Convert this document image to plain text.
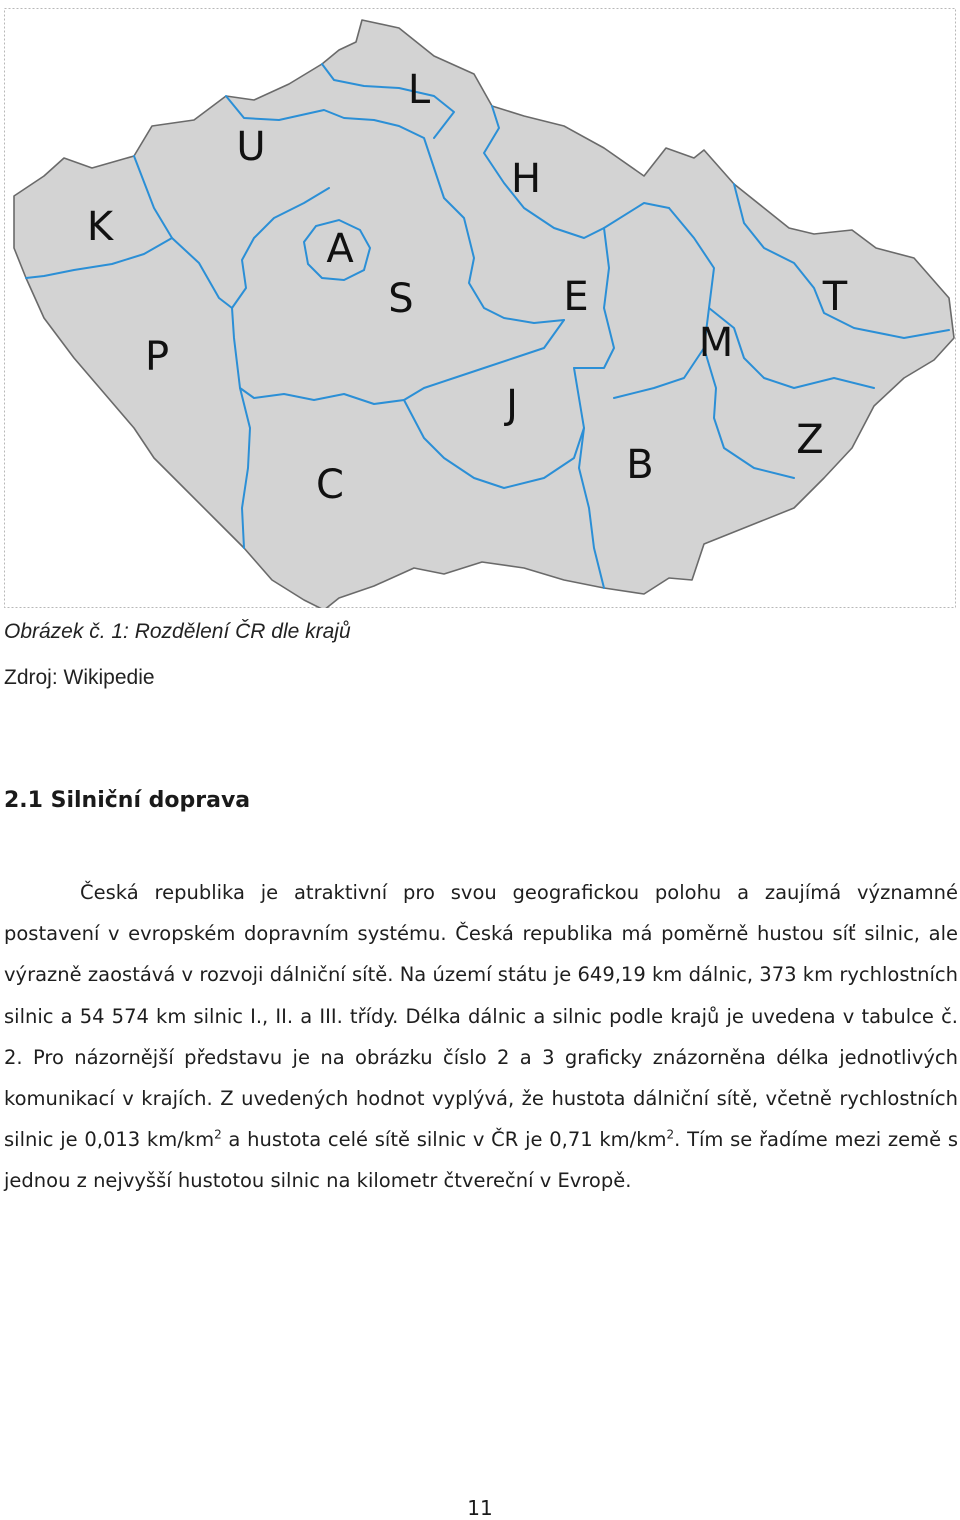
K
U
L
H
A
S	E	T
P	M
J
Z
B
C
Obrázek č. 1: Rozdělení ČR dle krajů
Zdroj: Wikipedie
2.1 Silniční doprava

Česká republika je atraktivní pro svou geografickou polohu a zaujímá významné postavení v evropském dopravním systému. Česká republika má poměrně hustou síť silnic, ale výrazně zaostává v rozvoji dálniční sítě. Na území státu je 649,19 km dálnic, 373 km rychlostních silnic a 54 574 km silnic I., II. a III. třídy. Délka dálnic a silnic podle krajů je uvedena v tabulce č. 2. Pro názornější představu je na obrázku číslo 2 a 3 graficky znázorněna délka jednotlivých komunikací v krajích. Z uvedených hodnot vyplývá, že hustota dálniční sítě, včetně rychlostních silnic je 0,013 $km/km^2$ a hustota celé sítě silnic v ČR je 0,71 $km/km^2$. Tím se řadíme mezi země s jednou z nejvyšší hustotou silnic na kilometr čtvereční v Evropě.

11
